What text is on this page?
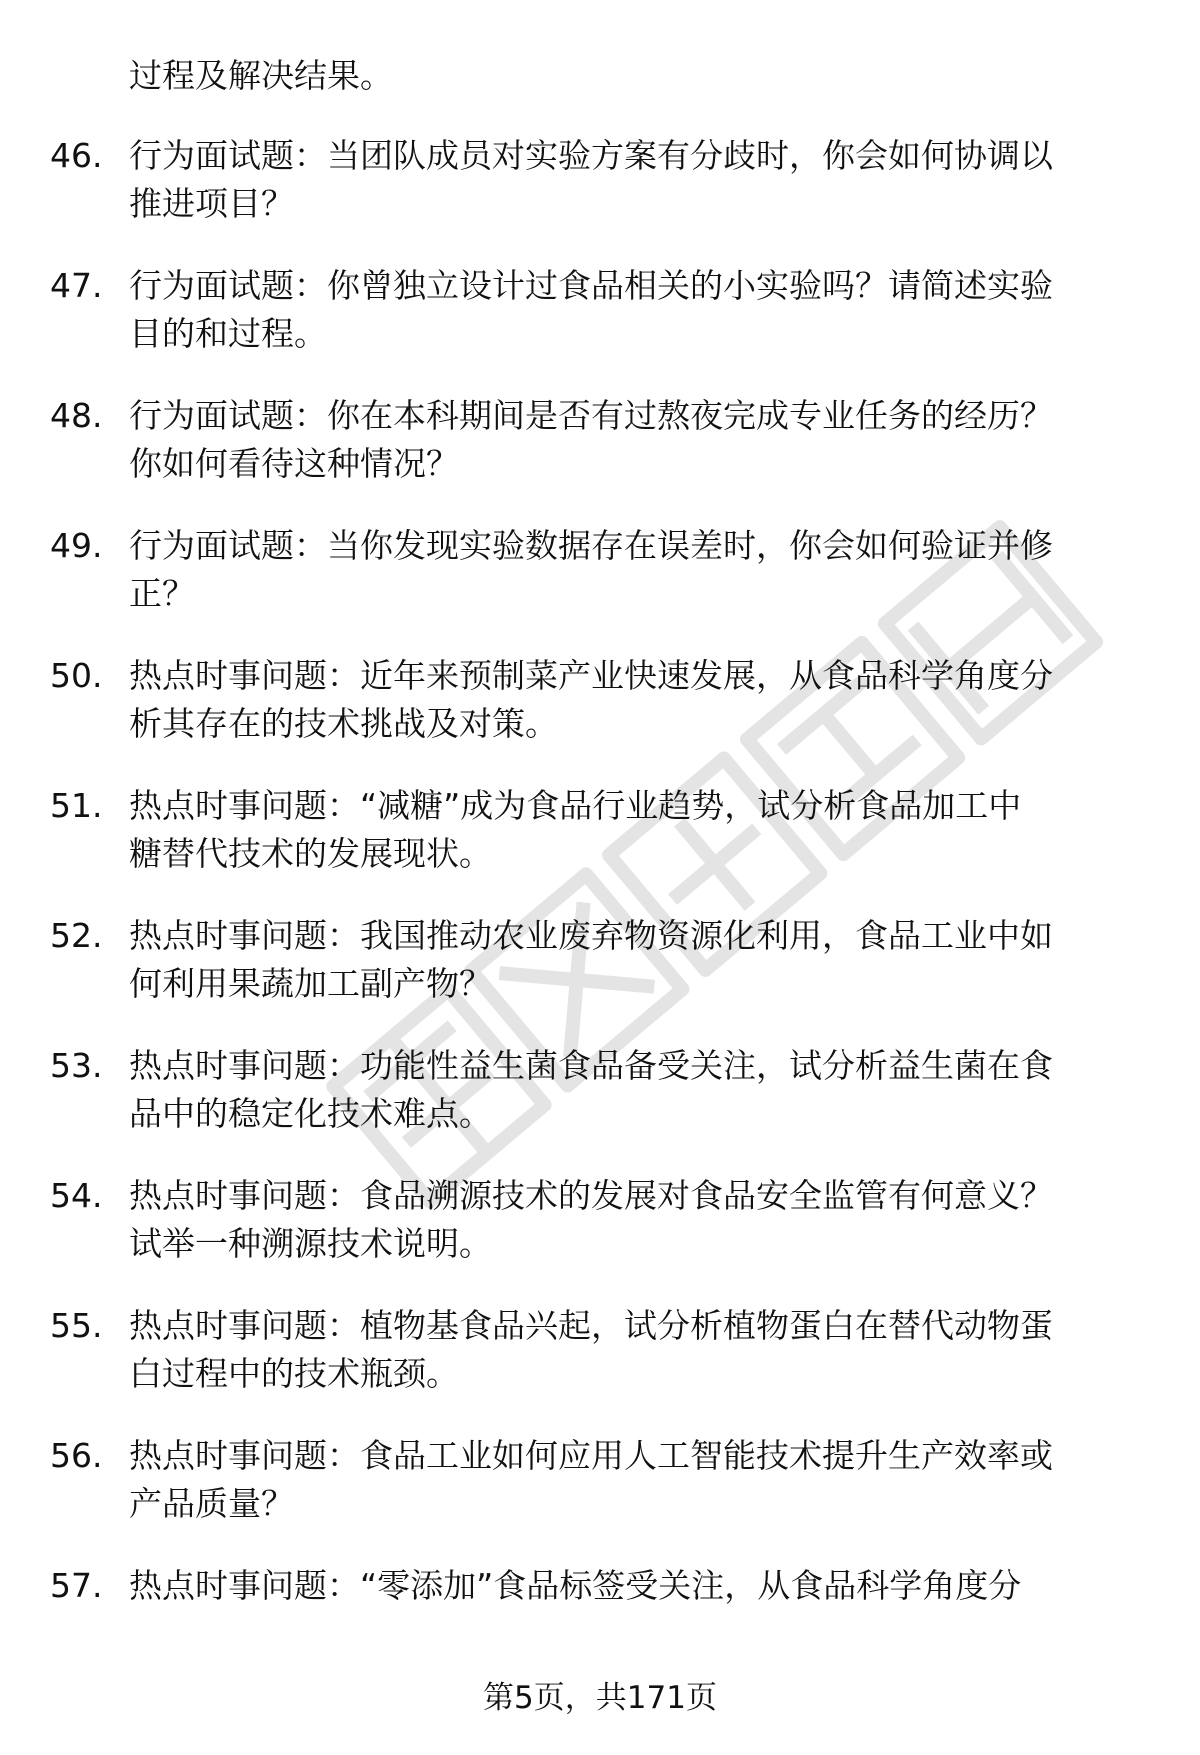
过程及解决结果。
46. 行为面试题：当团队成员对实验方案有分歧时，你会如何协调以
推进项目？
47. 行为面试题：你曾独立设计过食品相关的小实验吗？请简述实验
目的和过程。
48. 行为面试题：你在本科期间是否有过熬夜完成专业任务的经历？
你如何看待这种情况？
49. 行为面试题：当你发现实验数据存在误差时，你会如何验证并修
正？
50. 热点时事问题：近年来预制菜产业快速发展，从食品科学角度分
析其存在的技术挑战及对策。
51. 热点时事问题：“减糖”成为食品行业趋势，试分析食品加工中
糖替代技术的发展现状。
52. 热点时事问题：我国推动农业废弃物资源化利用，食品工业中如
何利用果蔬加工副产物？
53. 热点时事问题：功能性益生菌食品备受关注，试分析益生菌在食
品中的稳定化技术难点。
54. 热点时事问题：食品溯源技术的发展对食品安全监管有何意义？
试举一种溯源技术说明。
55. 热点时事问题：植物基食品兴起，试分析植物蛋白在替代动物蛋
白过程中的技术瓶颈。
56. 热点时事问题：食品工业如何应用人工智能技术提升生产效率或
产品质量？
57. 热点时事问题：“零添加”食品标签受关注，从食品科学角度分
第5页，共171页
